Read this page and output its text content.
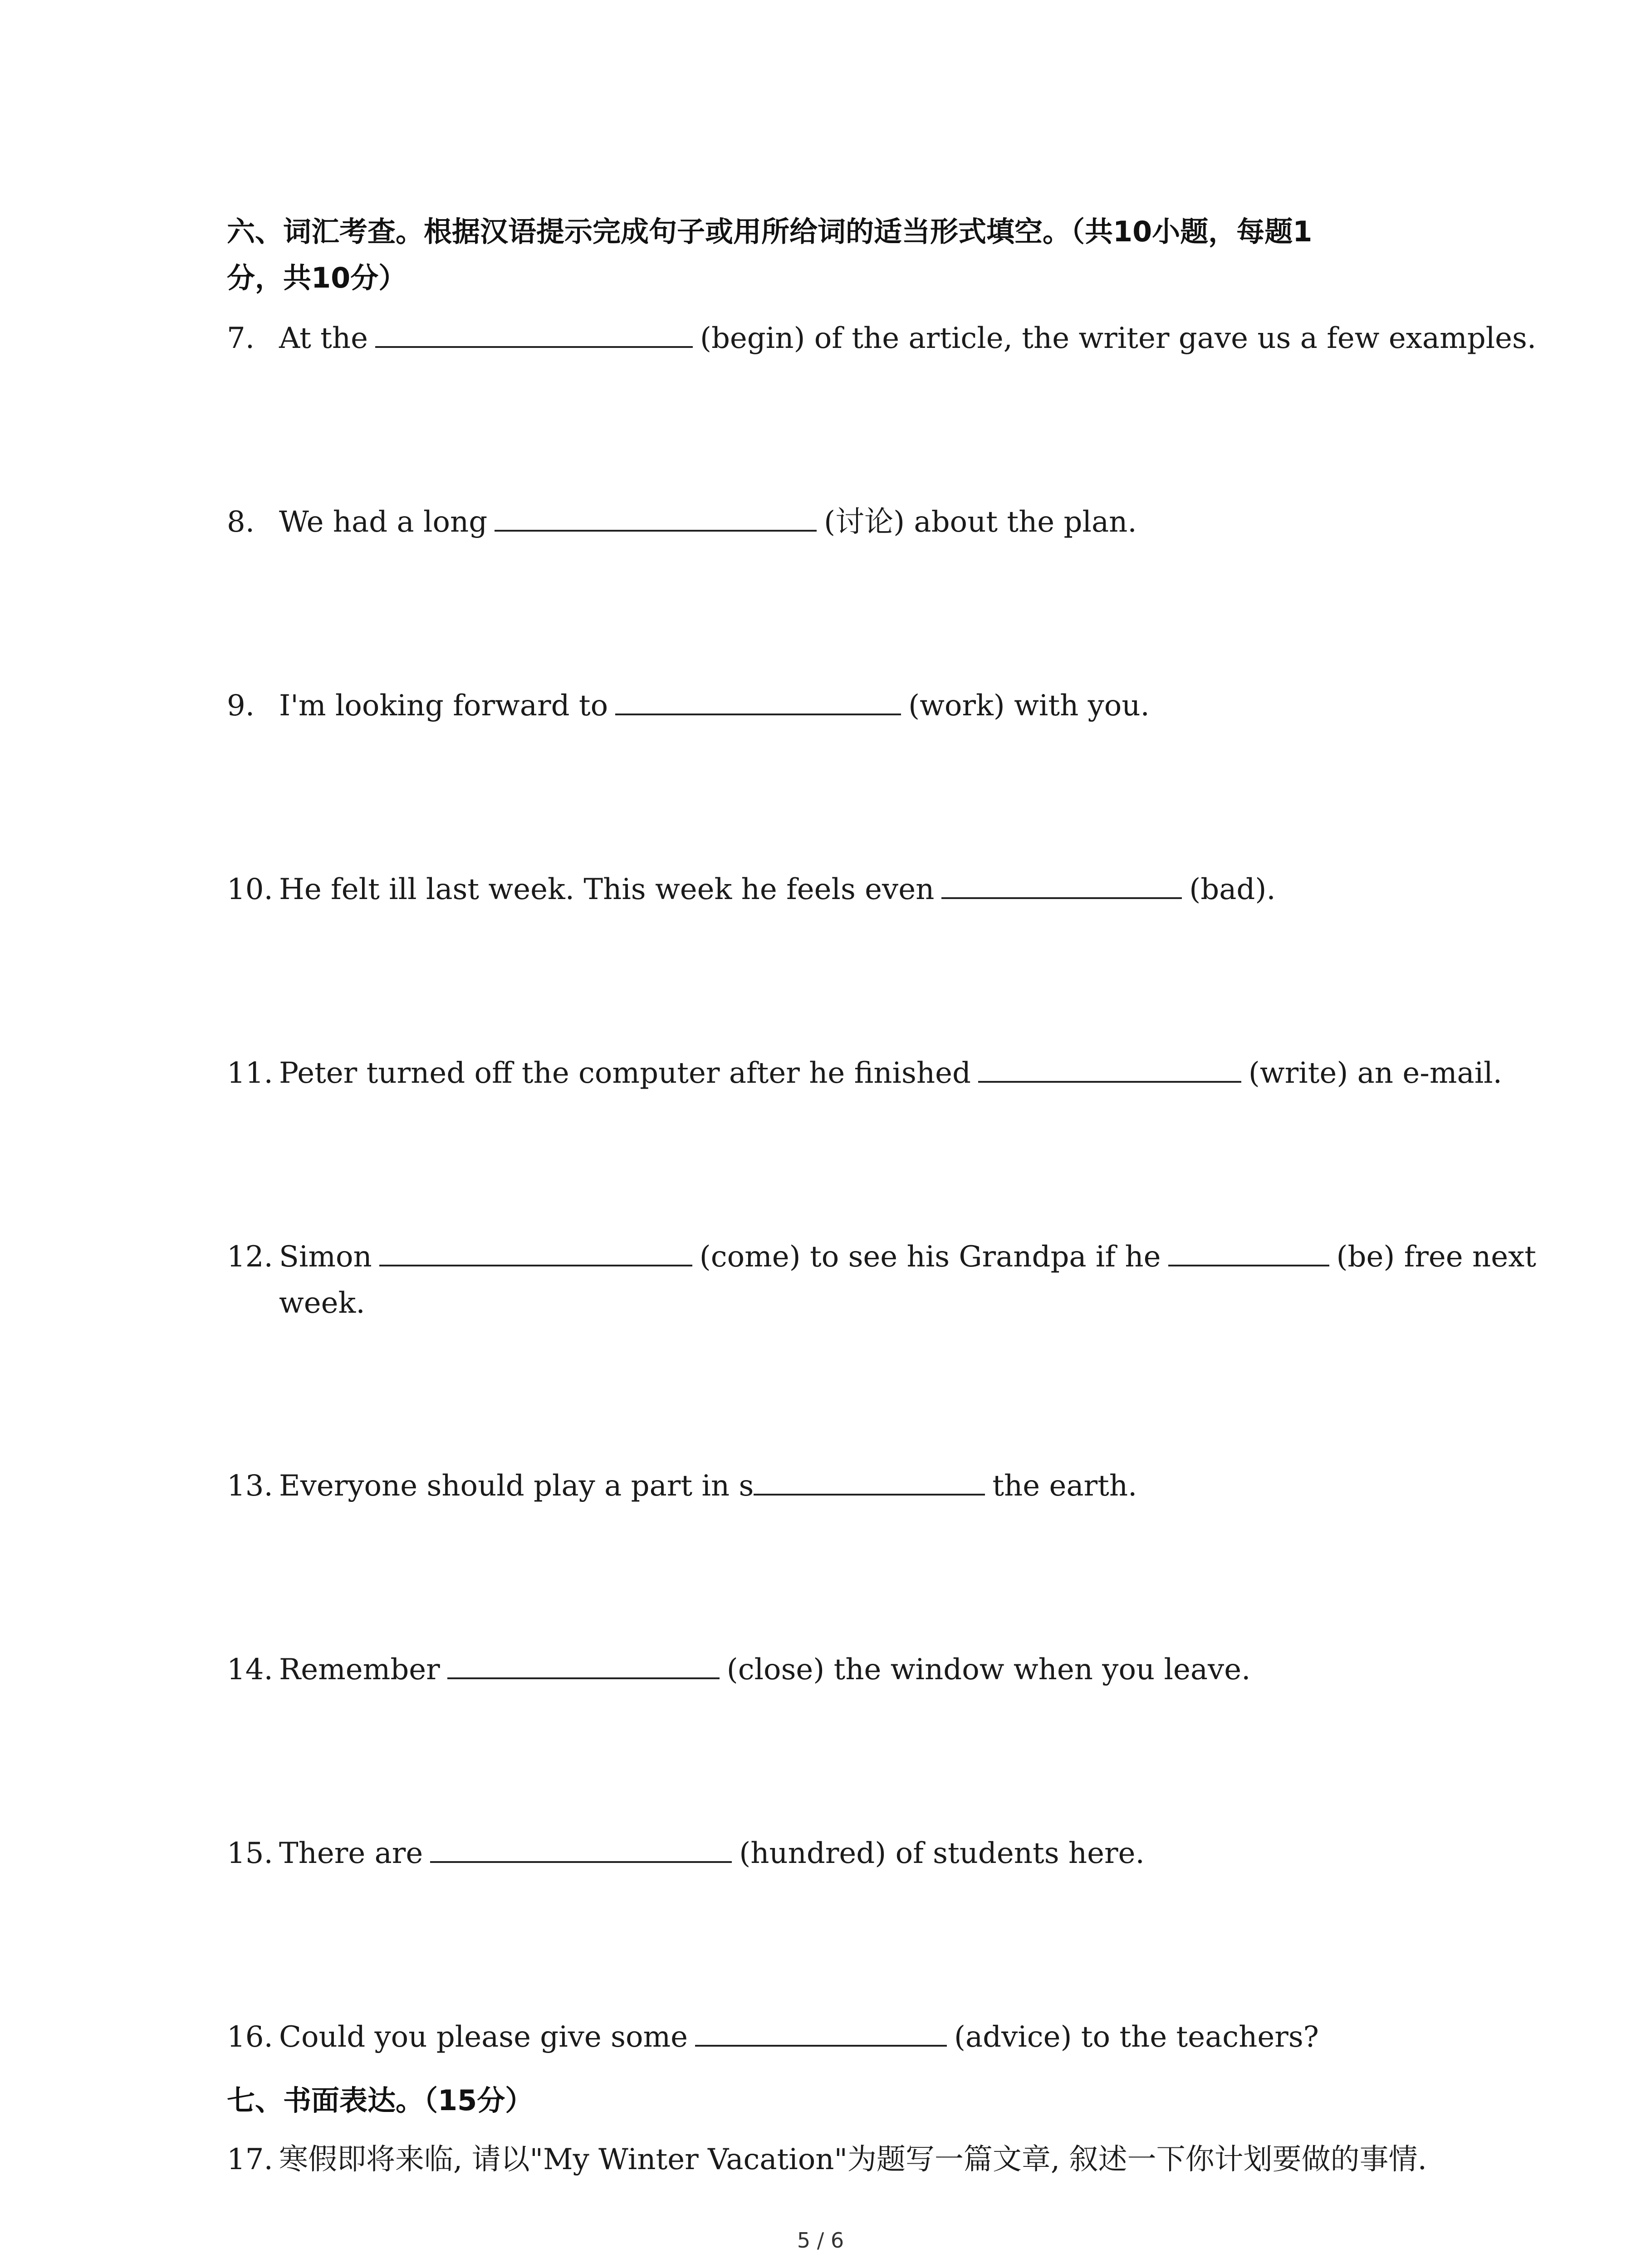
六、词汇考查。根据汉语提示完成句子或用所给词的适当形式填空。（共10小题，每题1
分，共10分）
7. At the	(begin) of the article, the writer gave us a few examples.
8. We had a long	(讨论) about the plan.
9. I'm looking forward to	(work) with you.
10. He felt ill last week. This week he feels even	(bad).
11. Peter turned off the computer after he finished	(write) an e-mail.
12. Simon	(come) to see his Grandpa if he	(be) free next
week.
13. Everyone should play a part in s	the earth.
14. Remember	(close) the window when you leave.
15. There are	(hundred) of students here.
16. Could you please give some	(advice) to the teachers?
七、书面表达。（15分）
17. 寒假即将来临, 请以"My Winter Vacation"为题写一篇文章, 叙述一下你计划要做的事情.
5 / 6
